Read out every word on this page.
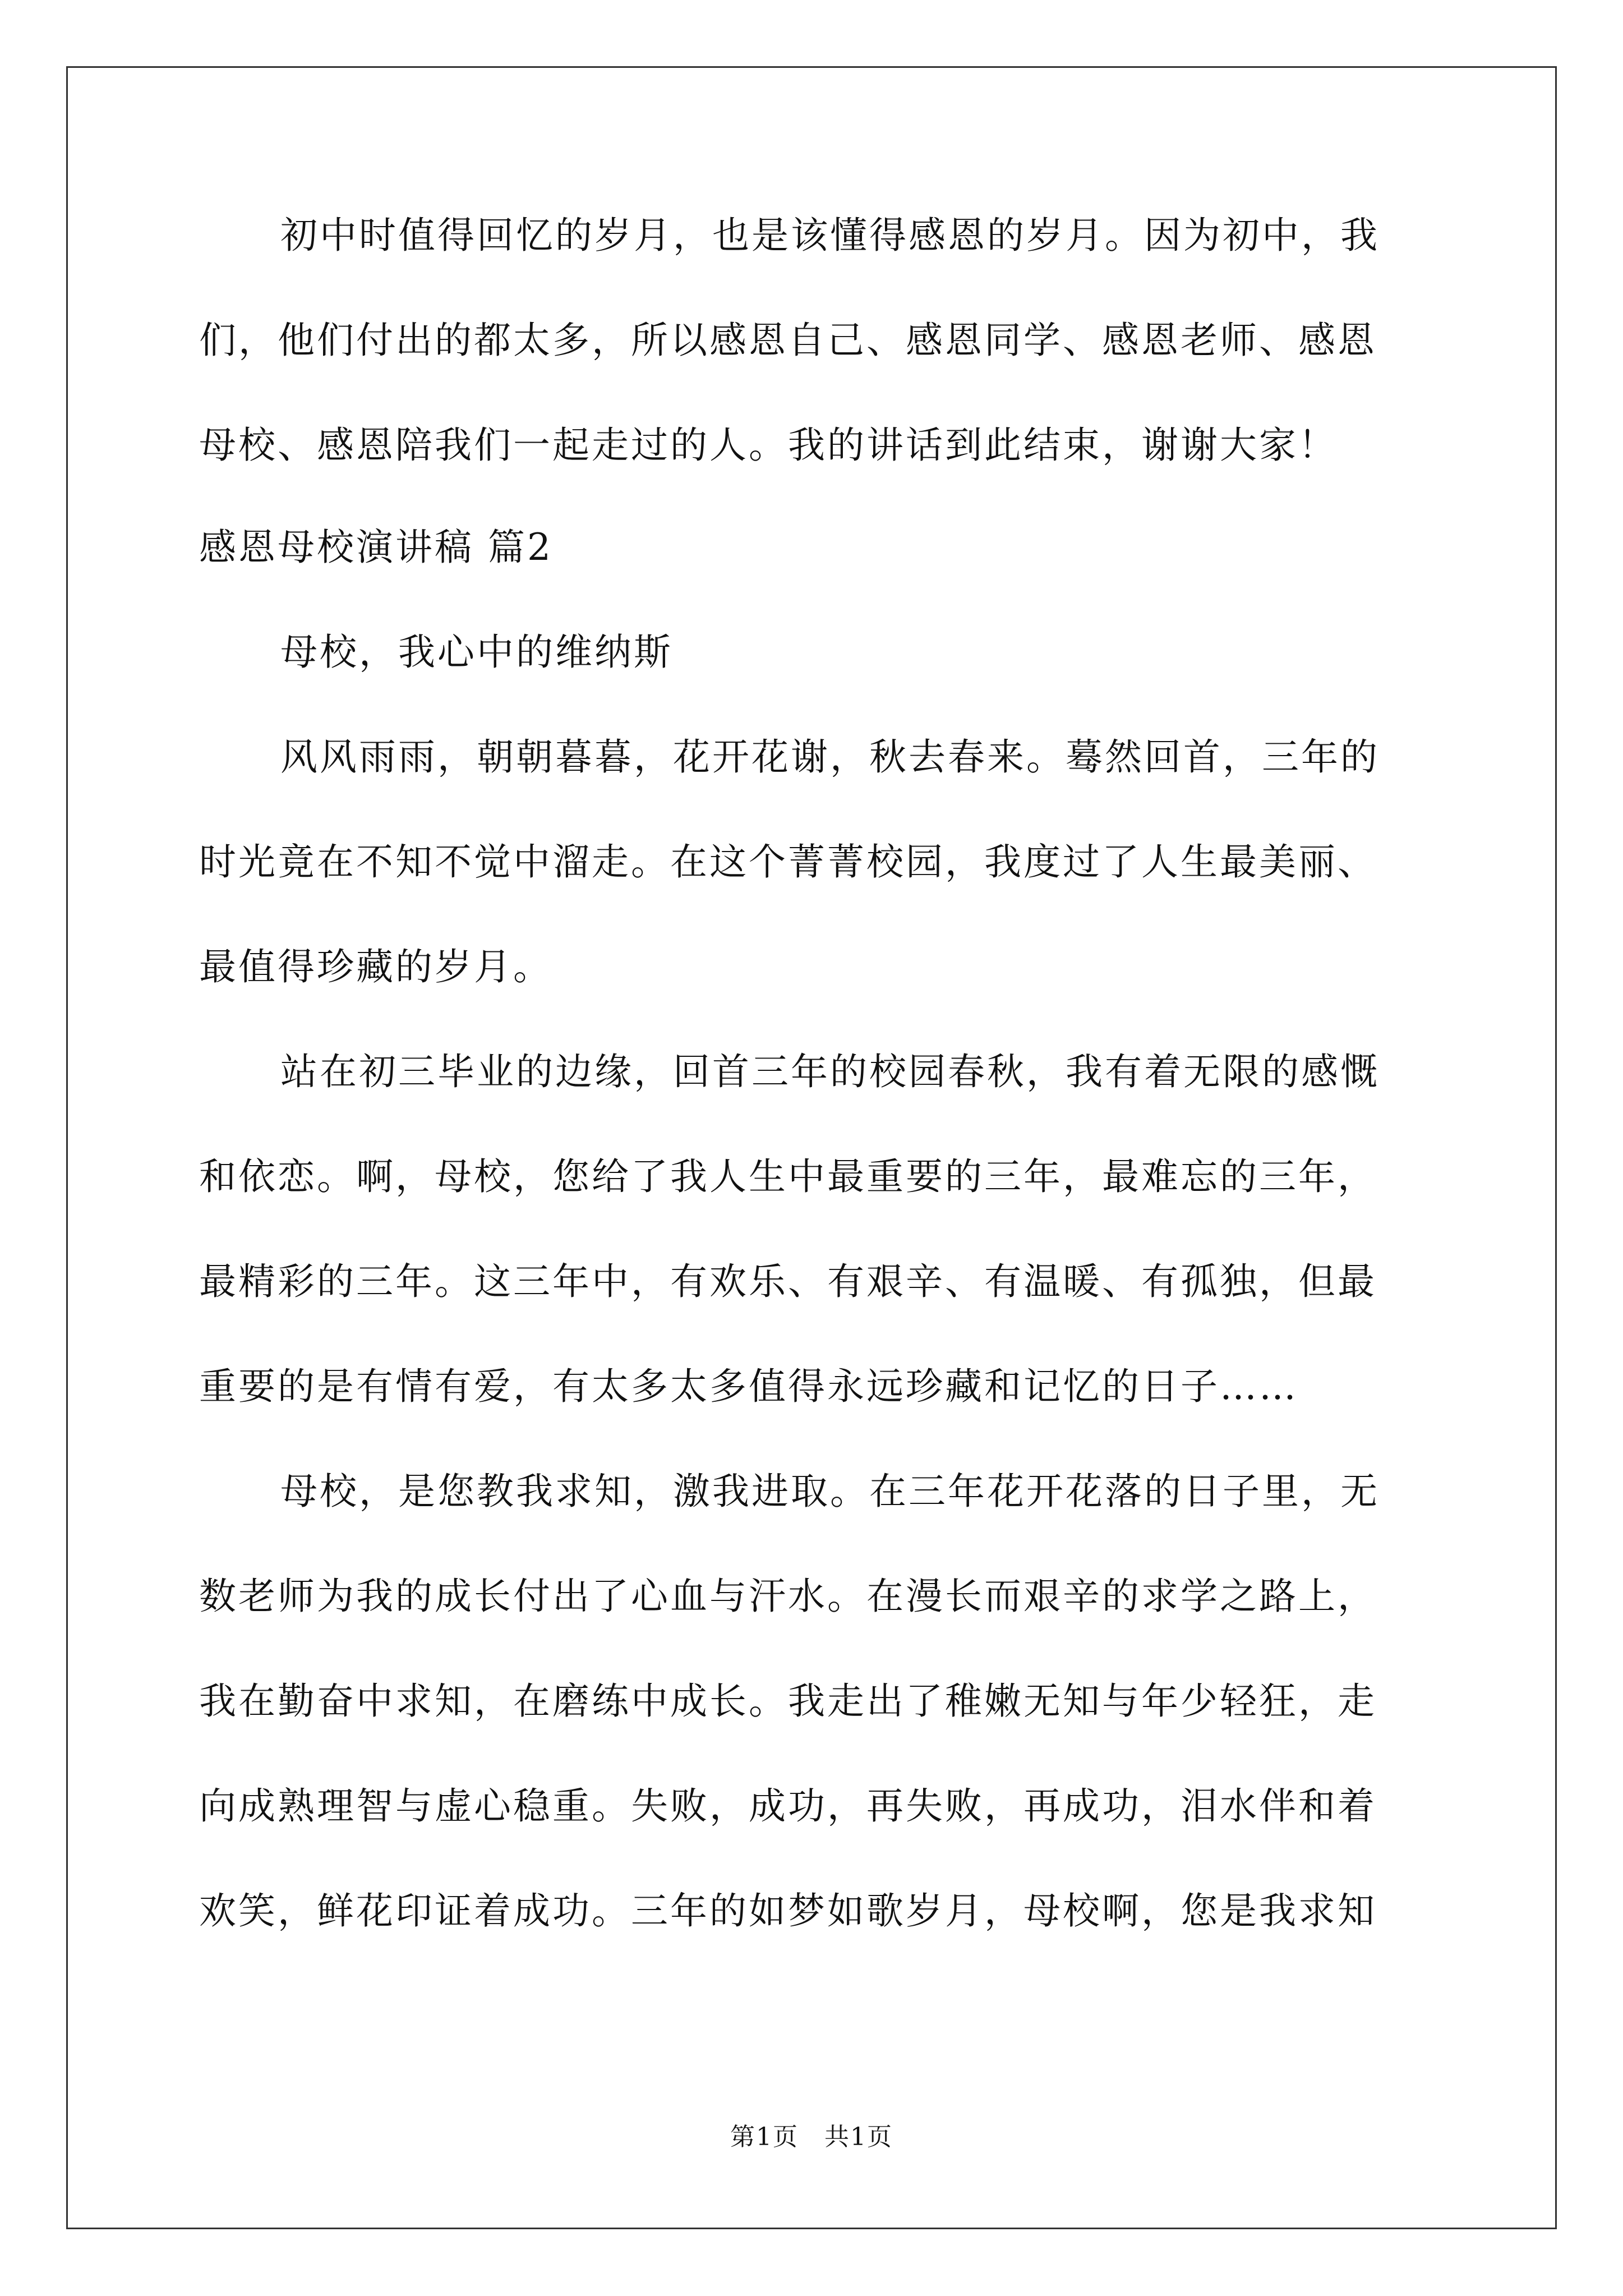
初中时值得回忆的岁月，也是该懂得感恩的岁月。因为初中，我
们，他们付出的都太多，所以感恩自己、感恩同学、感恩老师、感恩
母校、感恩陪我们一起走过的人。我的讲话到此结束，谢谢大家！
感恩母校演讲稿 篇2
母校，我心中的维纳斯
风风雨雨，朝朝暮暮，花开花谢，秋去春来。蓦然回首，三年的
时光竟在不知不觉中溜走。在这个菁菁校园，我度过了人生最美丽、
最值得珍藏的岁月。
站在初三毕业的边缘，回首三年的校园春秋，我有着无限的感慨
和依恋。啊，母校，您给了我人生中最重要的三年，最难忘的三年，
最精彩的三年。这三年中，有欢乐、有艰辛、有温暖、有孤独，但最
重要的是有情有爱，有太多太多值得永远珍藏和记忆的日子……
母校，是您教我求知，激我进取。在三年花开花落的日子里，无
数老师为我的成长付出了心血与汗水。在漫长而艰辛的求学之路上，
我在勤奋中求知，在磨练中成长。我走出了稚嫩无知与年少轻狂，走
向成熟理智与虚心稳重。失败，成功，再失败，再成功，泪水伴和着
欢笑，鲜花印证着成功。三年的如梦如歌岁月，母校啊，您是我求知
第1页　共1页
